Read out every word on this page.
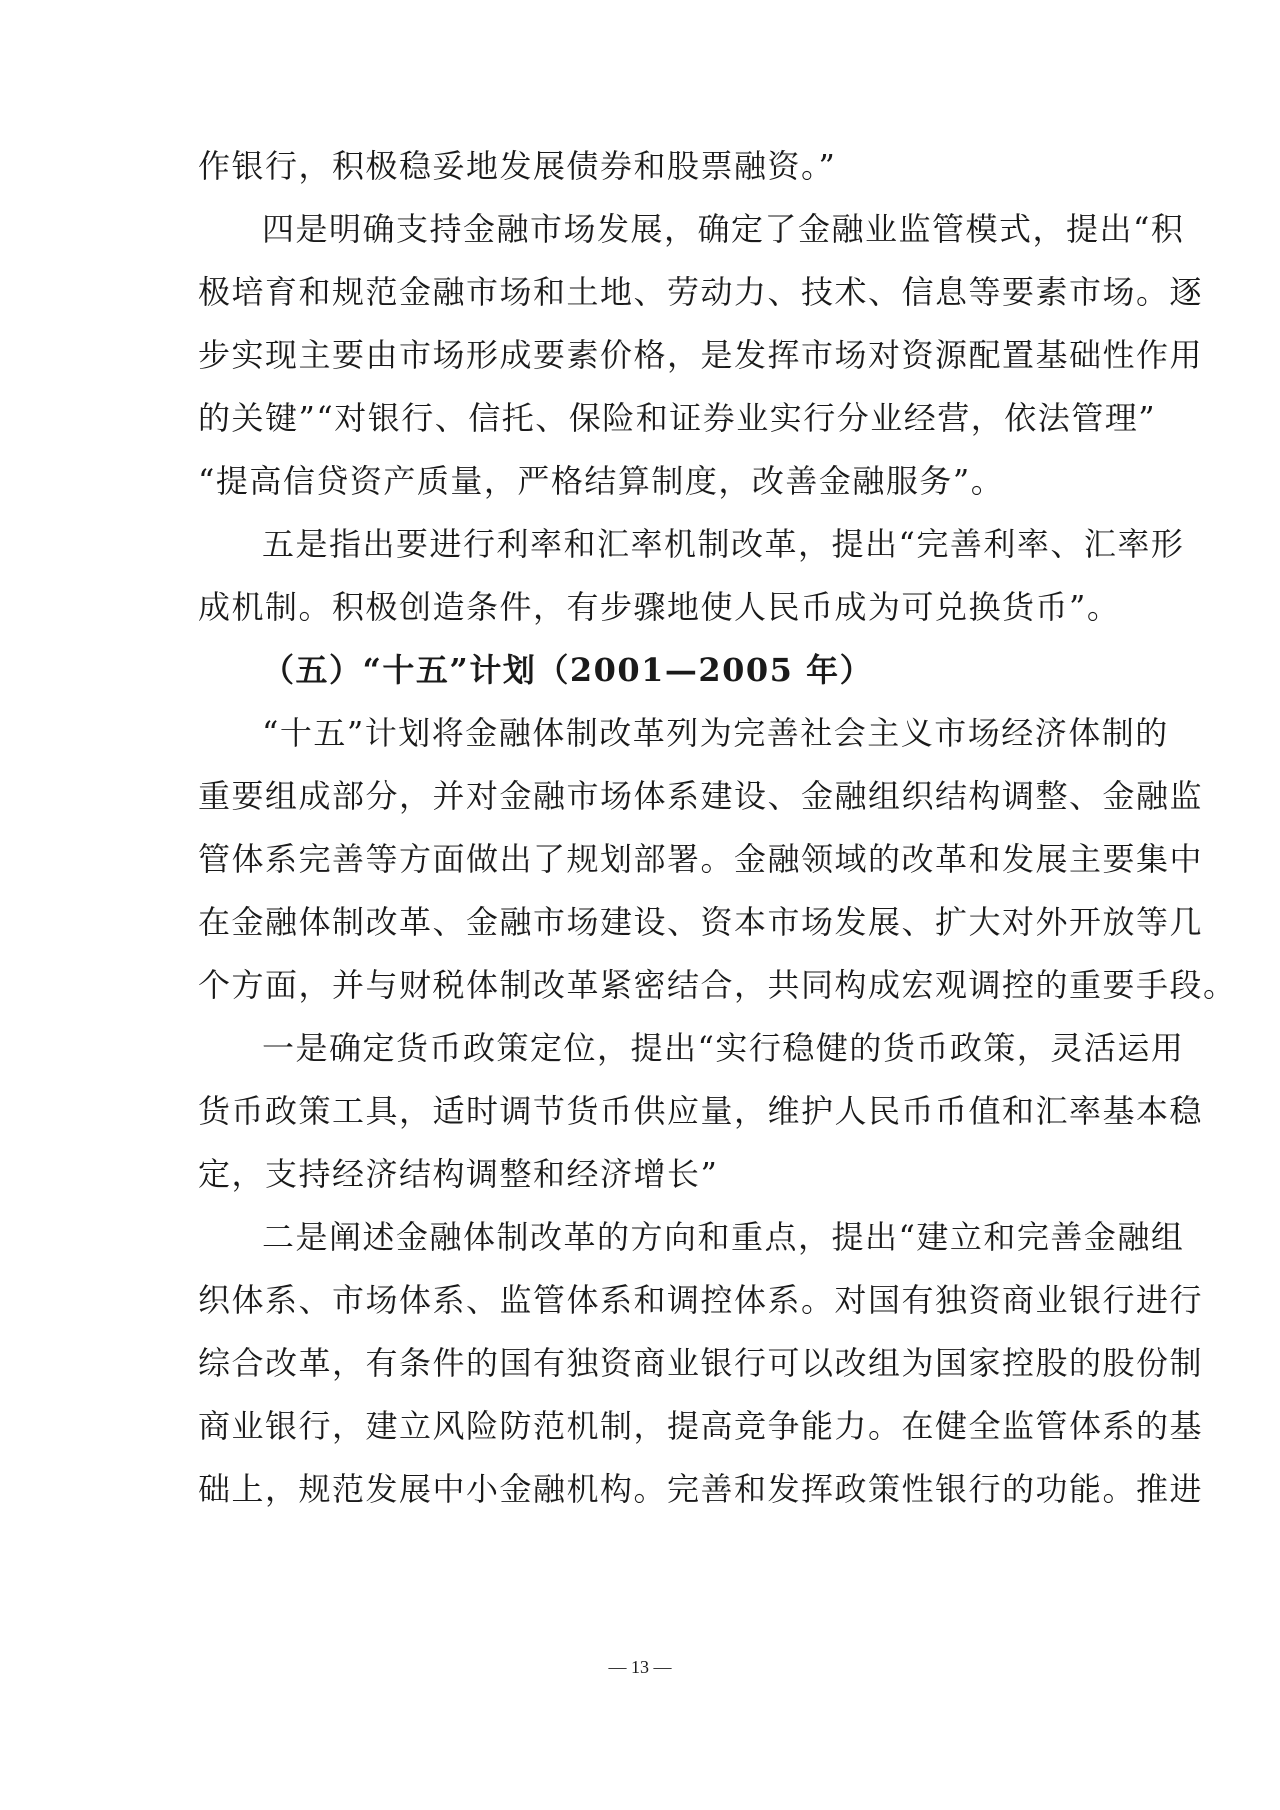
作银行，积极稳妥地发展债券和股票融资。”
四是明确支持金融市场发展，确定了金融业监管模式，提出“积
极培育和规范金融市场和土地、劳动力、技术、信息等要素市场。逐
步实现主要由市场形成要素价格，是发挥市场对资源配置基础性作用
的关键”“对银行、信托、保险和证券业实行分业经营，依法管理”
“提高信贷资产质量，严格结算制度，改善金融服务”。
五是指出要进行利率和汇率机制改革，提出“完善利率、汇率形
成机制。积极创造条件，有步骤地使人民币成为可兑换货币”。
（五）“十五”计划（2001—2005 年）
“十五”计划将金融体制改革列为完善社会主义市场经济体制的
重要组成部分，并对金融市场体系建设、金融组织结构调整、金融监
管体系完善等方面做出了规划部署。金融领域的改革和发展主要集中
在金融体制改革、金融市场建设、资本市场发展、扩大对外开放等几
个方面，并与财税体制改革紧密结合，共同构成宏观调控的重要手段。
一是确定货币政策定位，提出“实行稳健的货币政策，灵活运用
货币政策工具，适时调节货币供应量，维护人民币币值和汇率基本稳
定，支持经济结构调整和经济增长”
二是阐述金融体制改革的方向和重点，提出“建立和完善金融组
织体系、市场体系、监管体系和调控体系。对国有独资商业银行进行
综合改革，有条件的国有独资商业银行可以改组为国家控股的股份制
商业银行，建立风险防范机制，提高竞争能力。在健全监管体系的基
础上，规范发展中小金融机构。完善和发挥政策性银行的功能。推进
— 13 —
